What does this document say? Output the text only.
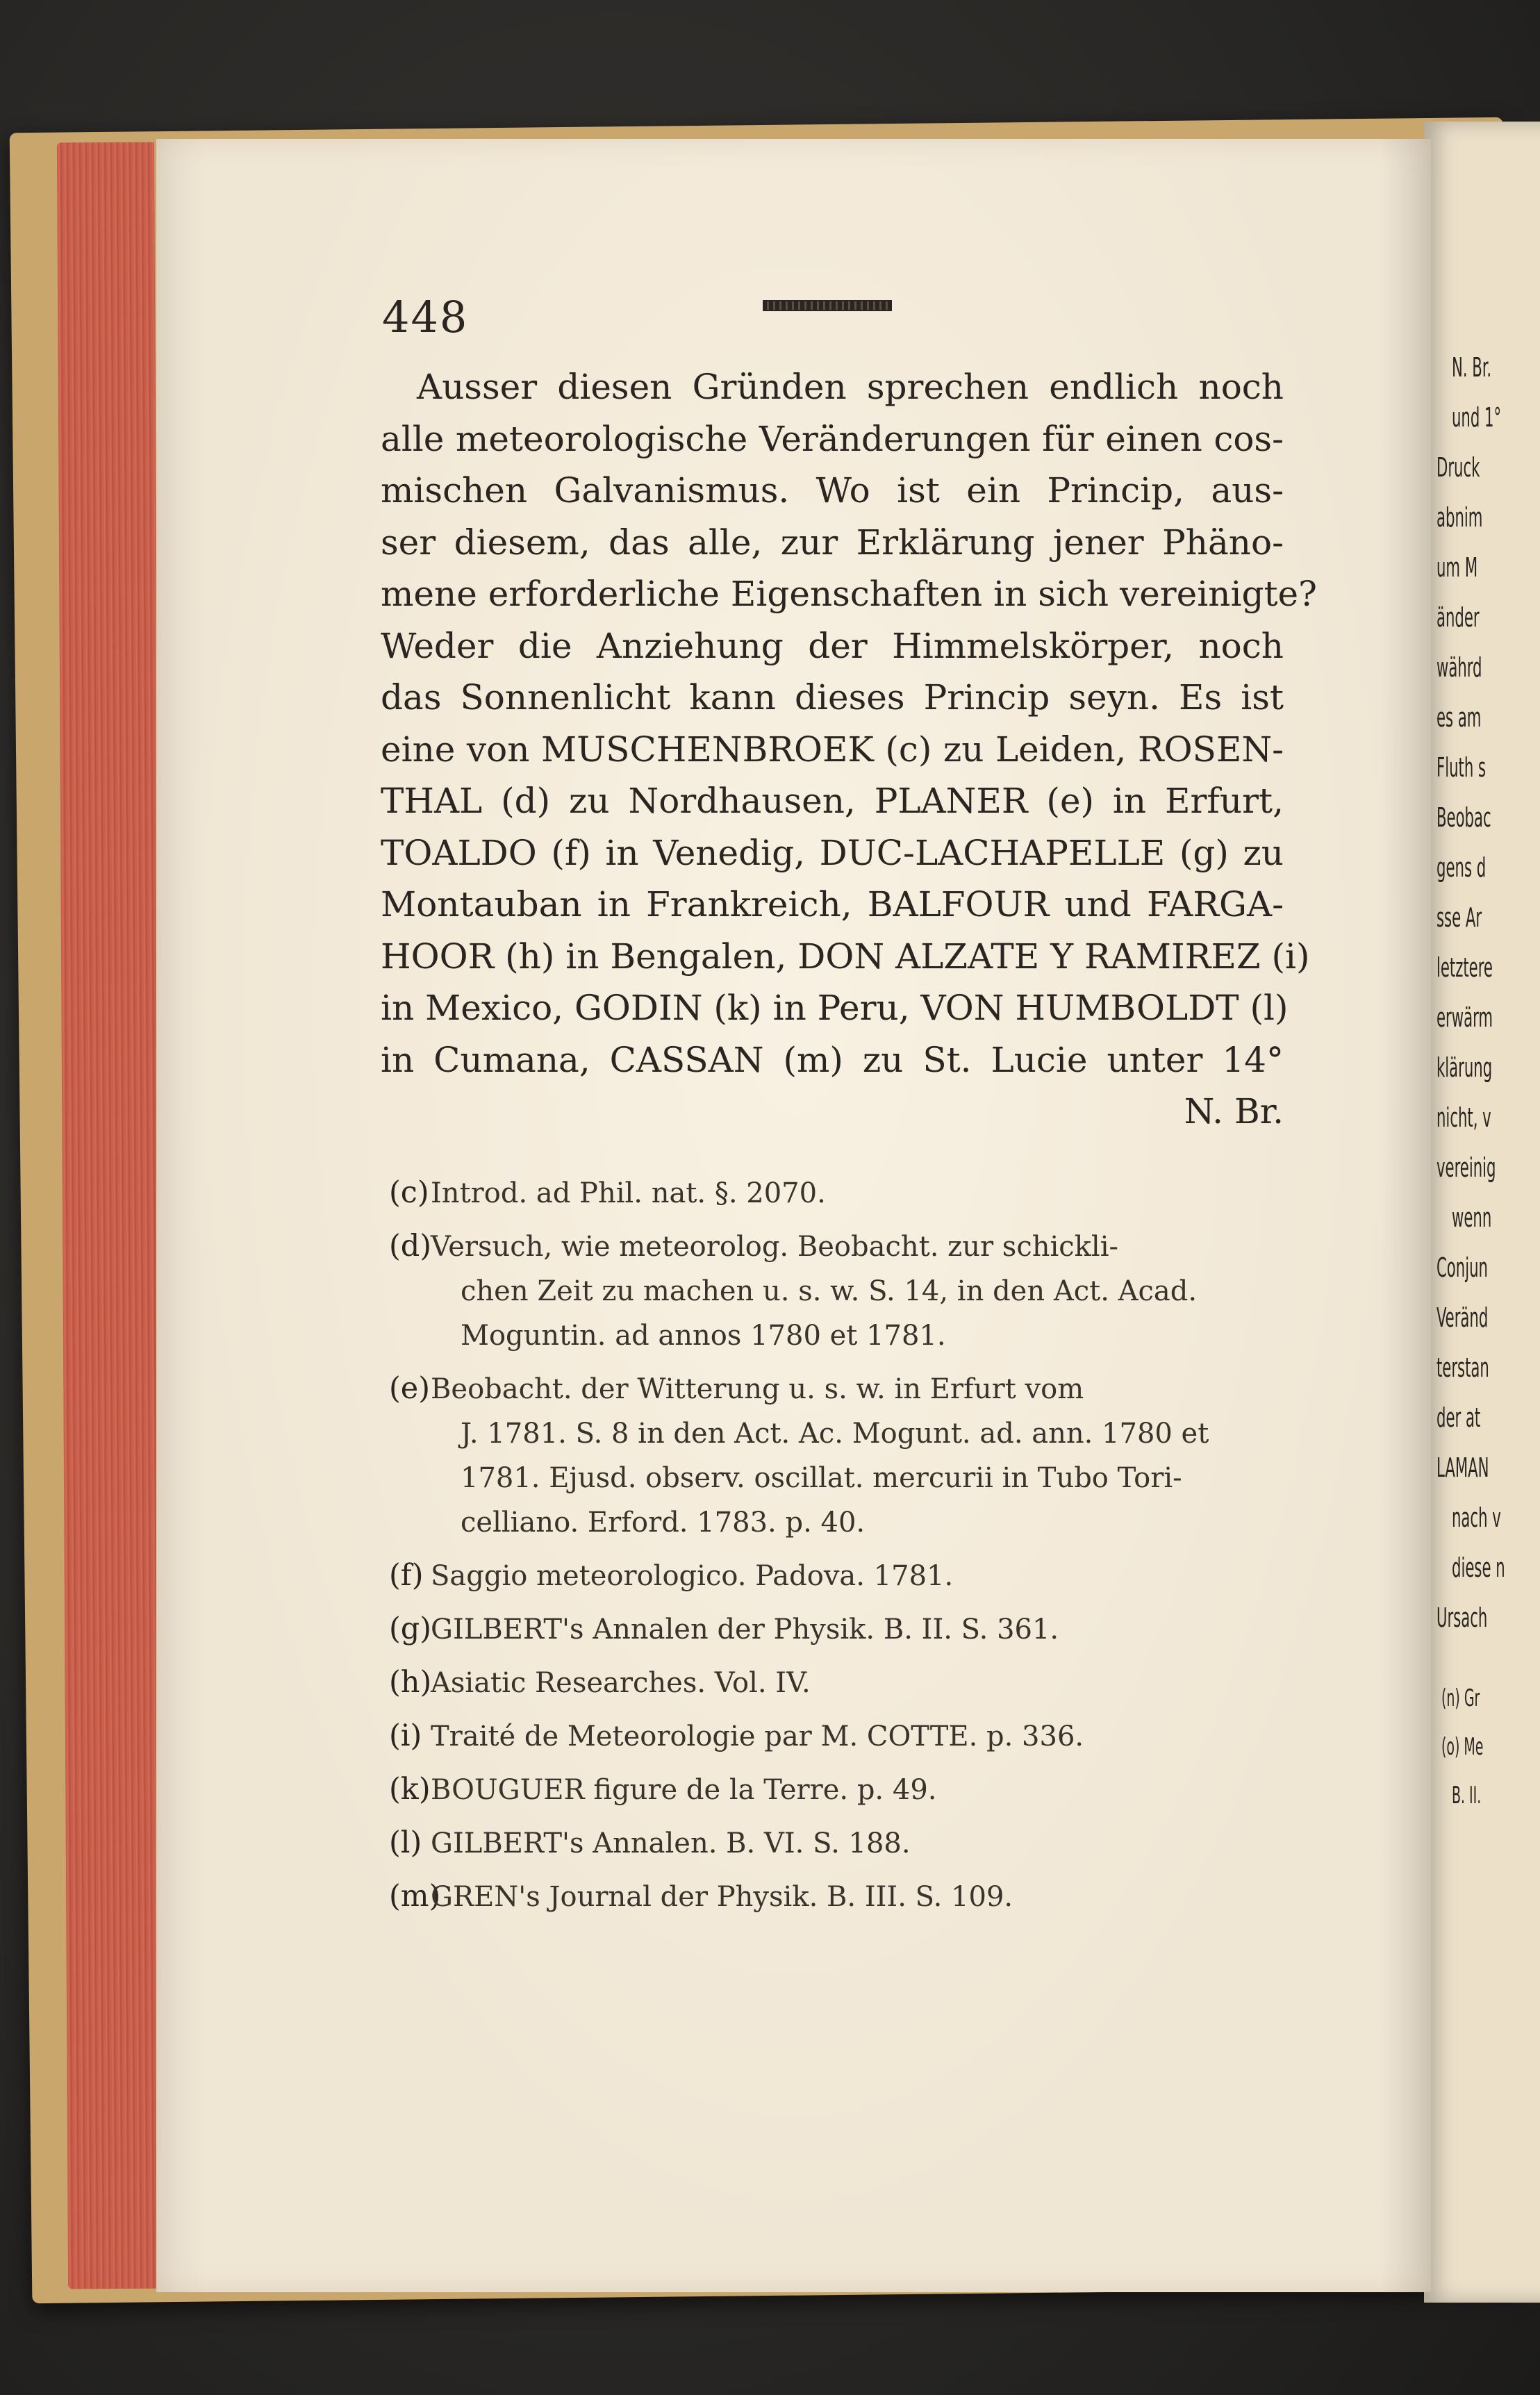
N. Br.
und 1°
Druck
abnim
um M
änder
währd
es am
Fluth s
Beobac
gens d
sse Ar
letztere
erwärm
klärung
nicht, v
vereinig
wenn
Conjun
Veränd
terstan
der at
LAMAN
nach v
diese n
Ursach
(n) Gr
(o) Me
B. II.
448
Ausser diesen Gründen sprechen endlich noch
alle meteorologische Veränderungen für einen cos-
mischen Galvanismus. Wo ist ein Princip, aus-
ser diesem, das alle, zur Erklärung jener Phäno-
mene erforderliche Eigenschaften in sich vereinigte?
Weder die Anziehung der Himmelskörper, noch
das Sonnenlicht kann dieses Princip seyn. Es ist
eine von MUSCHENBROEK (c) zu Leiden, ROSEN-
THAL (d) zu Nordhausen, PLANER (e) in Erfurt,
TOALDO (f) in Venedig, DUC-LACHAPELLE (g) zu
Montauban in Frankreich, BALFOUR und FARGA-
HOOR (h) in Bengalen, DON ALZATE Y RAMIREZ (i)
in Mexico, GODIN (k) in Peru, VON HUMBOLDT (l)
in Cumana, CASSAN (m) zu St. Lucie unter 14°
N. Br.
(c)Introd. ad Phil. nat. §. 2070.
(d)Versuch, wie meteorolog. Beobacht. zur schickli-
chen Zeit zu machen u. s. w. S. 14, in den Act. Acad.
Moguntin. ad annos 1780 et 1781.
(e)Beobacht. der Witterung u. s. w. in Erfurt vom
J. 1781. S. 8 in den Act. Ac. Mogunt. ad. ann. 1780 et
1781. Ejusd. observ. oscillat. mercurii in Tubo Tori-
celliano. Erford. 1783. p. 40.
(f) Saggio meteorologico. Padova. 1781.
(g)GILBERT's Annalen der Physik. B. II. S. 361.
(h)Asiatic Researches. Vol. IV.
(i) Traité de Meteorologie par M. COTTE. p. 336.
(k)BOUGUER figure de la Terre. p. 49.
(l) GILBERT's Annalen. B. VI. S. 188.
(m)GREN's Journal der Physik. B. III. S. 109.
